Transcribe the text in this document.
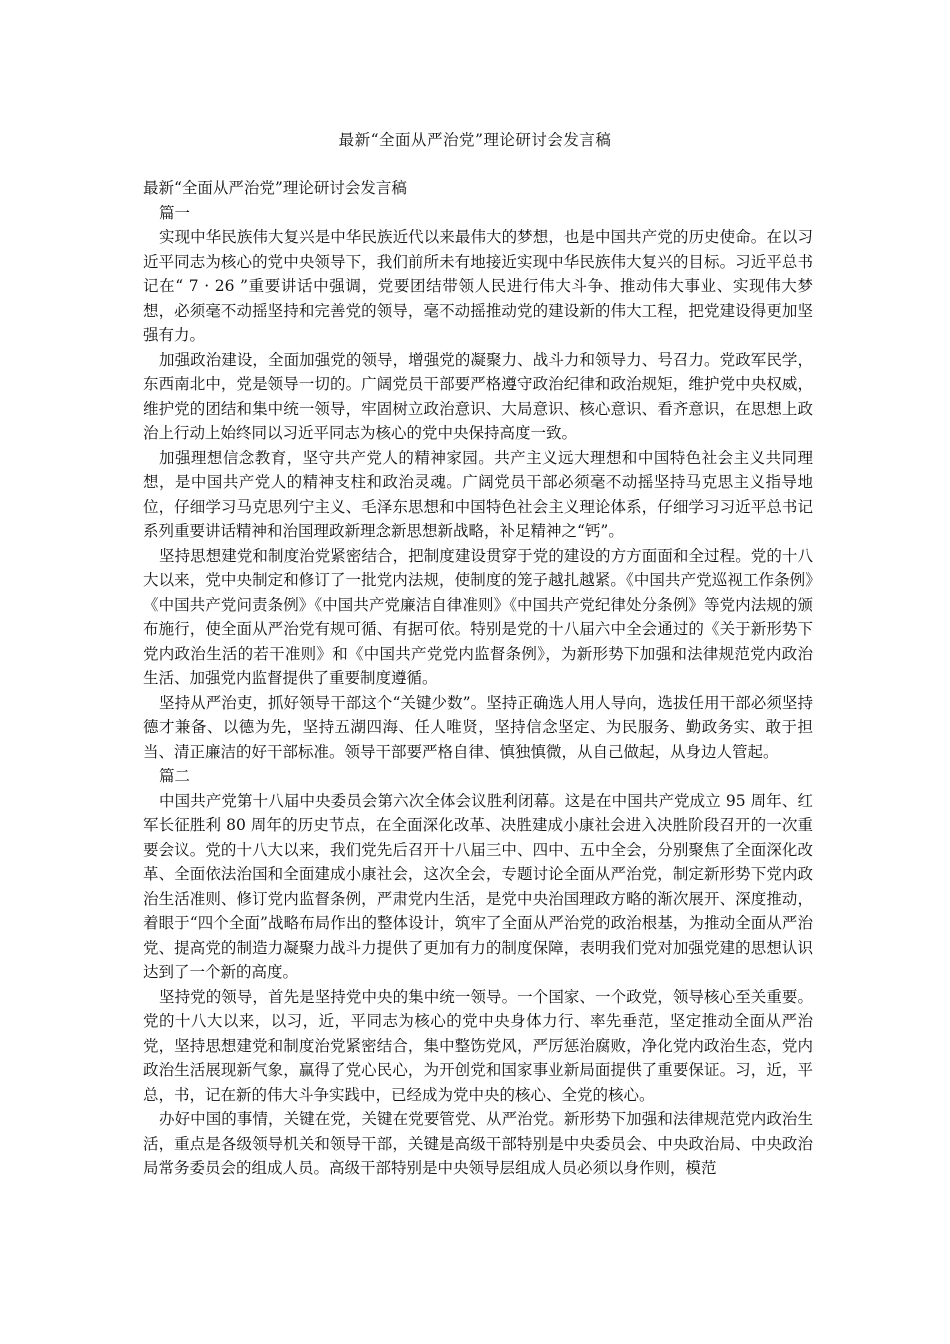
最新“全面从严治党”理论研讨会发言稿

最新“全面从严治党”理论研讨会发言稿

篇一

实现中华民族伟大复兴是中华民族近代以来最伟大的梦想，也是中国共产党的历史使命。在以习近平同志为核心的党中央领导下，我们前所未有地接近实现中华民族伟大复兴的目标。习近平总书记在“ 7 · 26 ”重要讲话中强调，党要团结带领人民进行伟大斗争、推动伟大事业、实现伟大梦想，必须毫不动摇坚持和完善党的领导，毫不动摇推动党的建设新的伟大工程，把党建设得更加坚强有力。

加强政治建设，全面加强党的领导，增强党的凝聚力、战斗力和领导力、号召力。党政军民学，东西南北中，党是领导一切的。广阔党员干部要严格遵守政治纪律和政治规矩，维护党中央权威，维护党的团结和集中统一领导，牢固树立政治意识、大局意识、核心意识、看齐意识，在思想上政治上行动上始终同以习近平同志为核心的党中央保持高度一致。

加强理想信念教育，坚守共产党人的精神家园。共产主义远大理想和中国特色社会主义共同理想，是中国共产党人的精神支柱和政治灵魂。广阔党员干部必须毫不动摇坚持马克思主义指导地位，仔细学习马克思列宁主义、毛泽东思想和中国特色社会主义理论体系，仔细学习习近平总书记系列重要讲话精神和治国理政新理念新思想新战略，补足精神之“钙”。

坚持思想建党和制度治党紧密结合，把制度建设贯穿于党的建设的方方面面和全过程。党的十八大以来，党中央制定和修订了一批党内法规，使制度的笼子越扎越紧。《中国共产党巡视工作条例》《中国共产党问责条例》《中国共产党廉洁自律准则》《中国共产党纪律处分条例》等党内法规的颁布施行，使全面从严治党有规可循、有据可依。特别是党的十八届六中全会通过的《关于新形势下党内政治生活的若干准则》和《中国共产党党内监督条例》，为新形势下加强和法律规范党内政治生活、加强党内监督提供了重要制度遵循。

坚持从严治吏，抓好领导干部这个“关键少数”。坚持正确选人用人导向，选拔任用干部必须坚持德才兼备、以德为先，坚持五湖四海、任人唯贤，坚持信念坚定、为民服务、勤政务实、敢于担当、清正廉洁的好干部标准。领导干部要严格自律、慎独慎微，从自己做起，从身边人管起。

篇二

中国共产党第十八届中央委员会第六次全体会议胜利闭幕。这是在中国共产党成立 95 周年、红军长征胜利 80 周年的历史节点，在全面深化改革、决胜建成小康社会进入决胜阶段召开的一次重要会议。党的十八大以来，我们党先后召开十八届三中、四中、五中全会，分别聚焦了全面深化改革、全面依法治国和全面建成小康社会，这次全会，专题讨论全面从严治党，制定新形势下党内政治生活准则、修订党内监督条例，严肃党内生活，是党中央治国理政方略的渐次展开、深度推动，着眼于“四个全面”战略布局作出的整体设计，筑牢了全面从严治党的政治根基，为推动全面从严治党、提高党的制造力凝聚力战斗力提供了更加有力的制度保障，表明我们党对加强党建的思想认识达到了一个新的高度。

坚持党的领导，首先是坚持党中央的集中统一领导。一个国家、一个政党，领导核心至关重要。党的十八大以来，以习，近，平同志为核心的党中央身体力行、率先垂范，坚定推动全面从严治党，坚持思想建党和制度治党紧密结合，集中整饬党风，严厉惩治腐败，净化党内政治生态，党内政治生活展现新气象，赢得了党心民心，为开创党和国家事业新局面提供了重要保证。习，近，平总，书，记在新的伟大斗争实践中，已经成为党中央的核心、全党的核心。

办好中国的事情，关键在党，关键在党要管党、从严治党。新形势下加强和法律规范党内政治生活，重点是各级领导机关和领导干部，关键是高级干部特别是中央委员会、中央政治局、中央政治局常务委员会的组成人员。高级干部特别是中央领导层组成人员必须以身作则，模范
